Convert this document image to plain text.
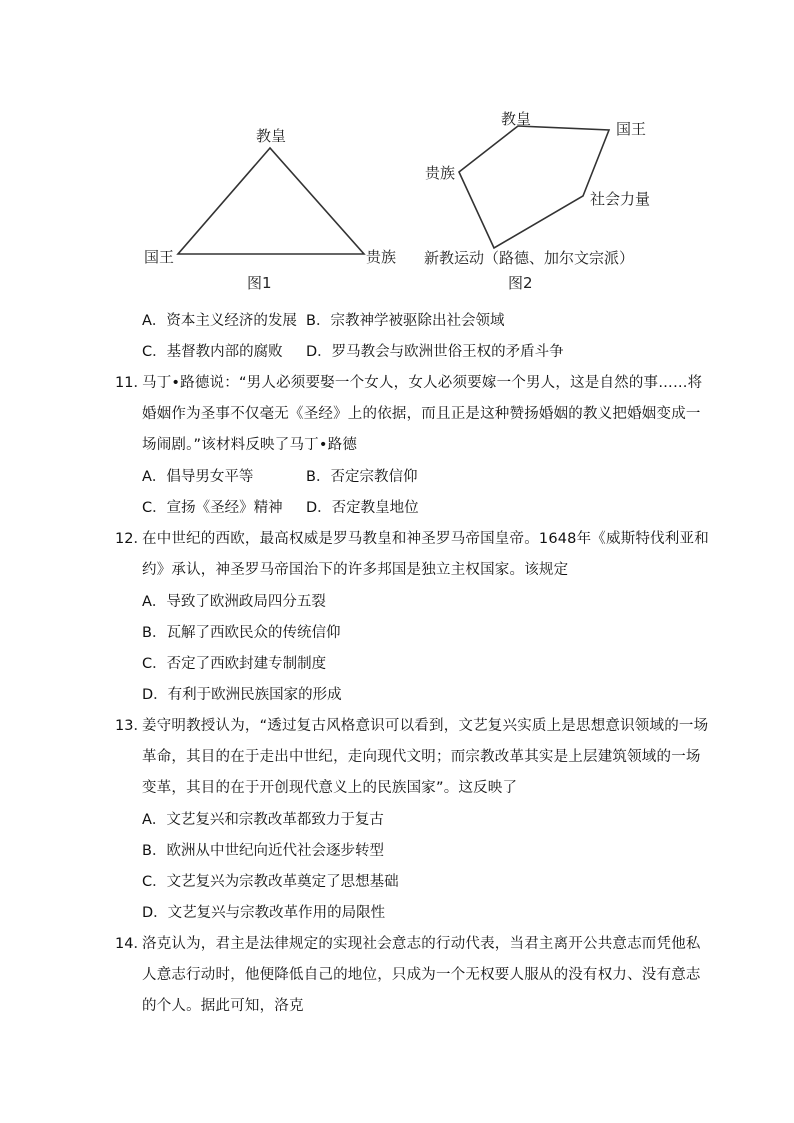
教皇
国王	贵族
图1
教皇
国王
贵族
社会力量
新教运动（路德、加尔文宗派）
图2
A．资本主义经济的发展 B．宗教神学被驱除出社会领域
C．基督教内部的腐败 D．罗马教会与欧洲世俗王权的矛盾斗争
11．
马丁•路德说：“男人必须要娶一个女人，女人必须要嫁一个男人，这是自然的事……将
婚姻作为圣事不仅毫无《圣经》上的依据，而且正是这种赞扬婚姻的教义把婚姻变成一
场闹剧。”该材料反映了马丁•路德
A．倡导男女平等	B．否定宗教信仰
C．宣扬《圣经》精神 D．否定教皇地位
12．
在中世纪的西欧，最高权威是罗马教皇和神圣罗马帝国皇帝。1648年《威斯特伐利亚和
约》承认，神圣罗马帝国治下的许多邦国是独立主权国家。该规定
A．导致了欧洲政局四分五裂
B．瓦解了西欧民众的传统信仰
C．否定了西欧封建专制制度
D．有利于欧洲民族国家的形成
13．
姜守明教授认为，“透过复古风格意识可以看到，文艺复兴实质上是思想意识领域的一场
革命，其目的在于走出中世纪，走向现代文明；而宗教改革其实是上层建筑领域的一场
变革，其目的在于开创现代意义上的民族国家”。这反映了
A．文艺复兴和宗教改革都致力于复古
B．欧洲从中世纪向近代社会逐步转型
C．文艺复兴为宗教改革奠定了思想基础
D．文艺复兴与宗教改革作用的局限性
14．
洛克认为，君主是法律规定的实现社会意志的行动代表，当君主离开公共意志而凭他私
人意志行动时，他便降低自己的地位，只成为一个无权要人服从的没有权力、没有意志
的个人。据此可知，洛克
